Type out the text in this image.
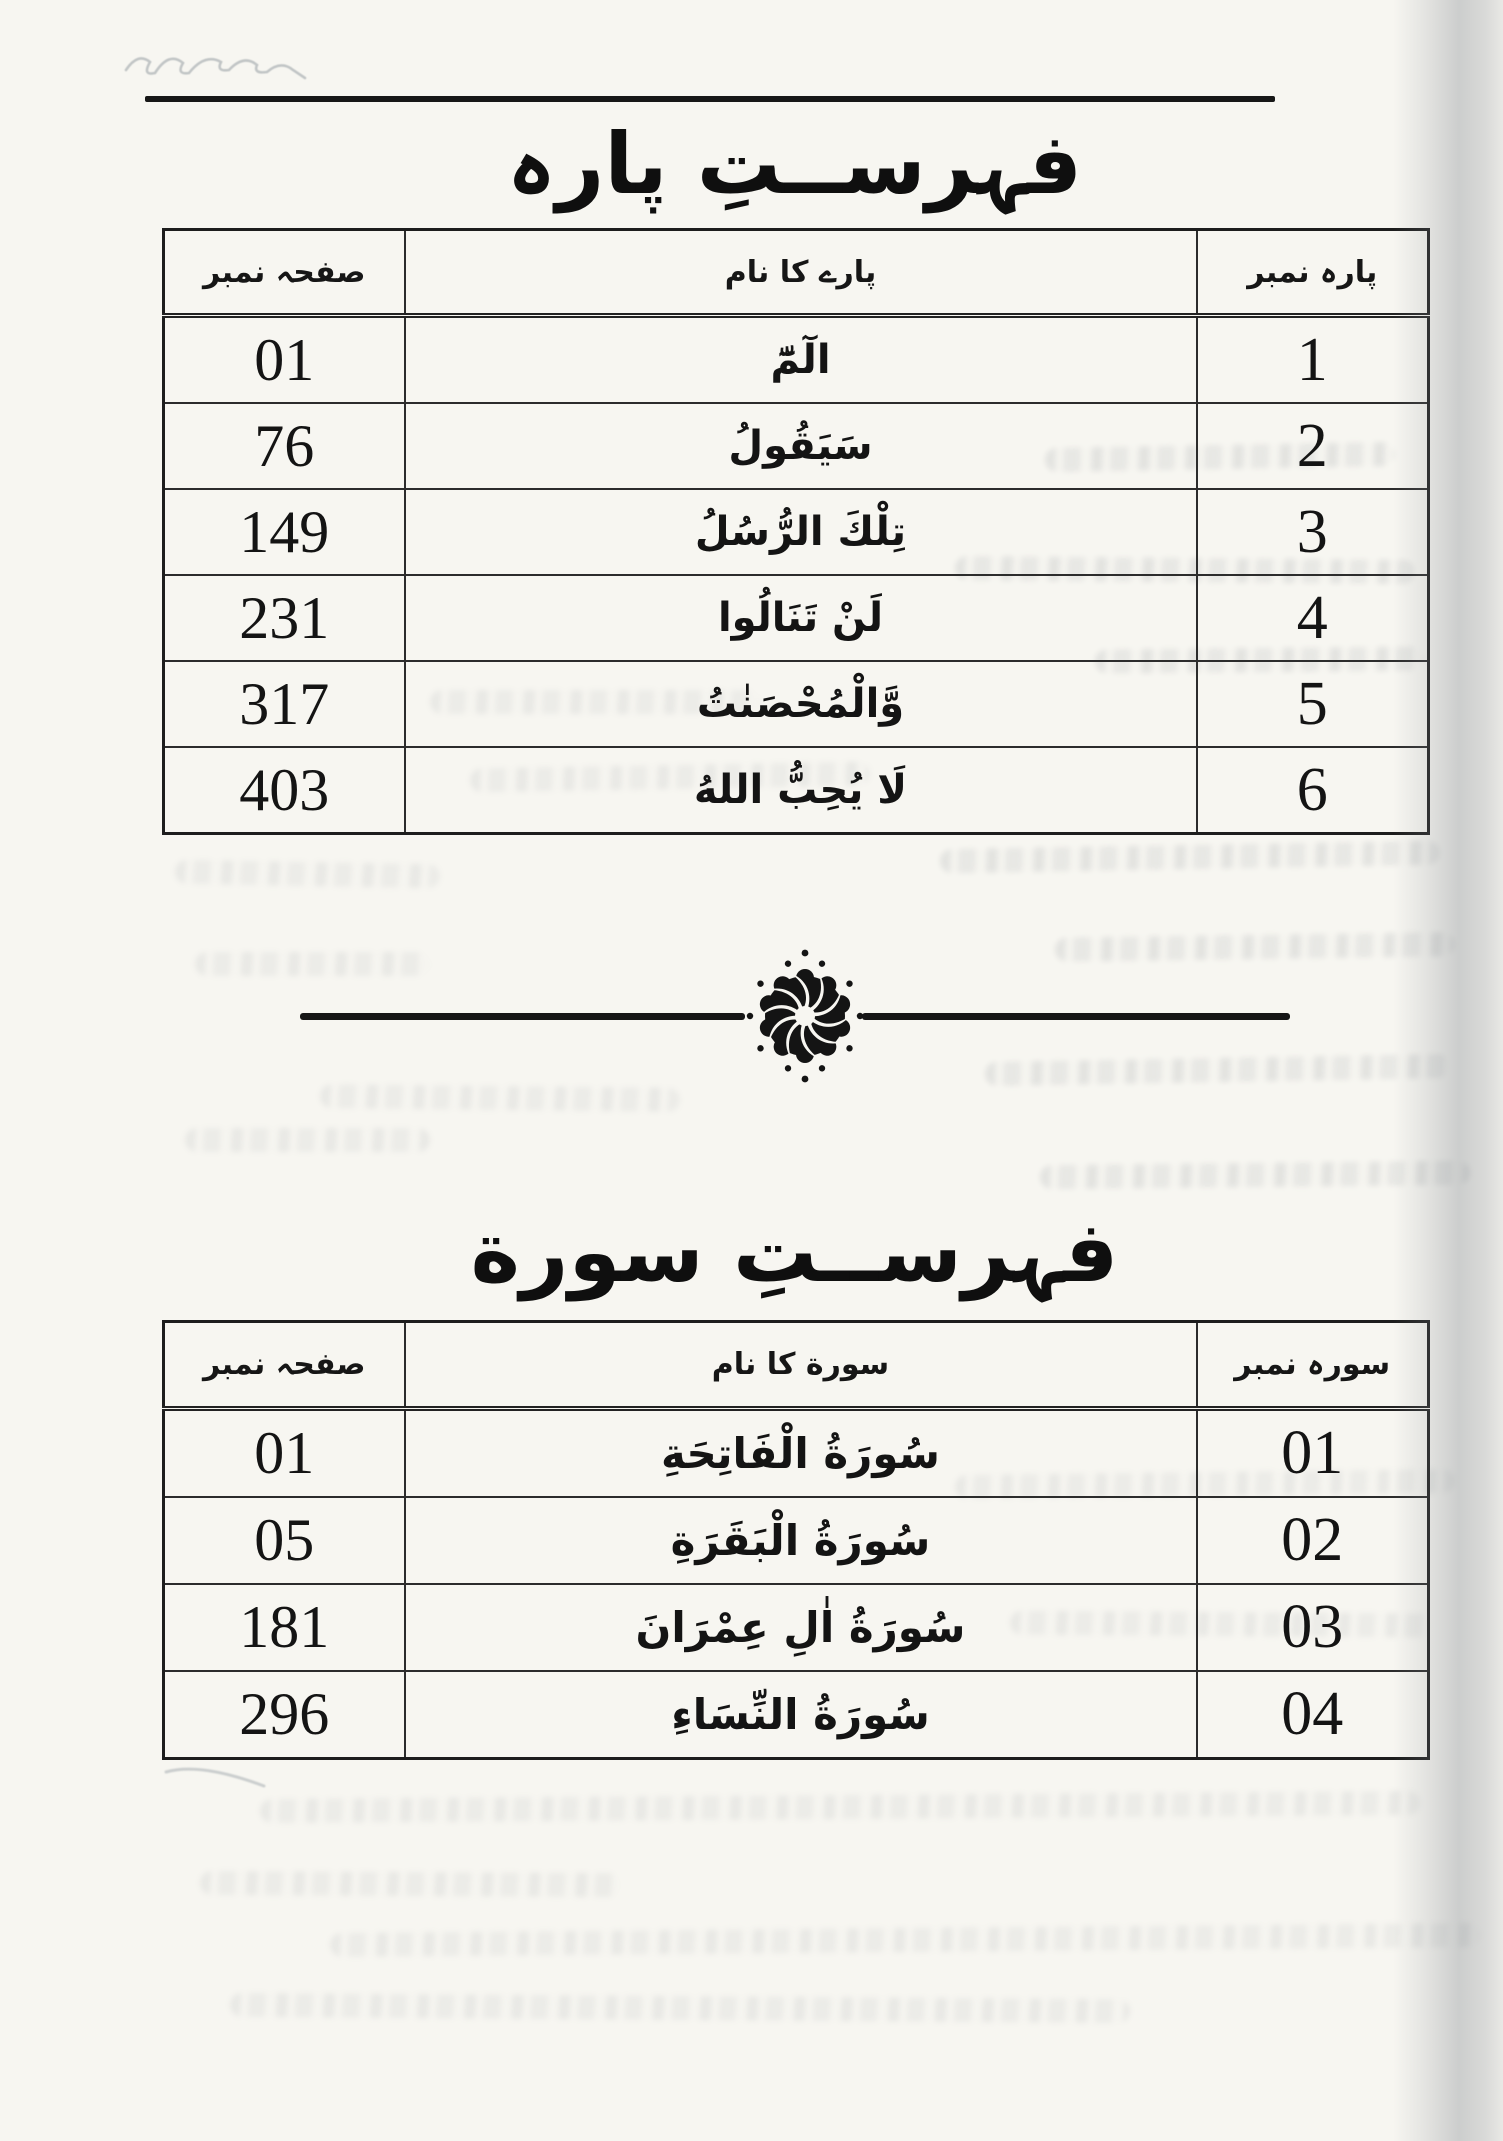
فہرســتِ پارہ
پارہ نمبر	پارے کا نام	صفحہ نمبر
1	الٓمّٓ	01
2	سَيَقُولُ	76
3	تِلْكَ الرُّسُلُ	149
4	لَنْ تَنَالُوا	231
5	وَّالْمُحْصَنٰتُ	317
6	لَا يُحِبُّ اللهُ	403
فہرســتِ سورة
سورہ نمبر	سورة کا نام	صفحہ نمبر
01	سُورَةُ الْفَاتِحَةِ	01
02	سُورَةُ الْبَقَرَةِ	05
03	سُورَةُ اٰلِ عِمْرَانَ	181
04	سُورَةُ النِّسَاءِ	296
